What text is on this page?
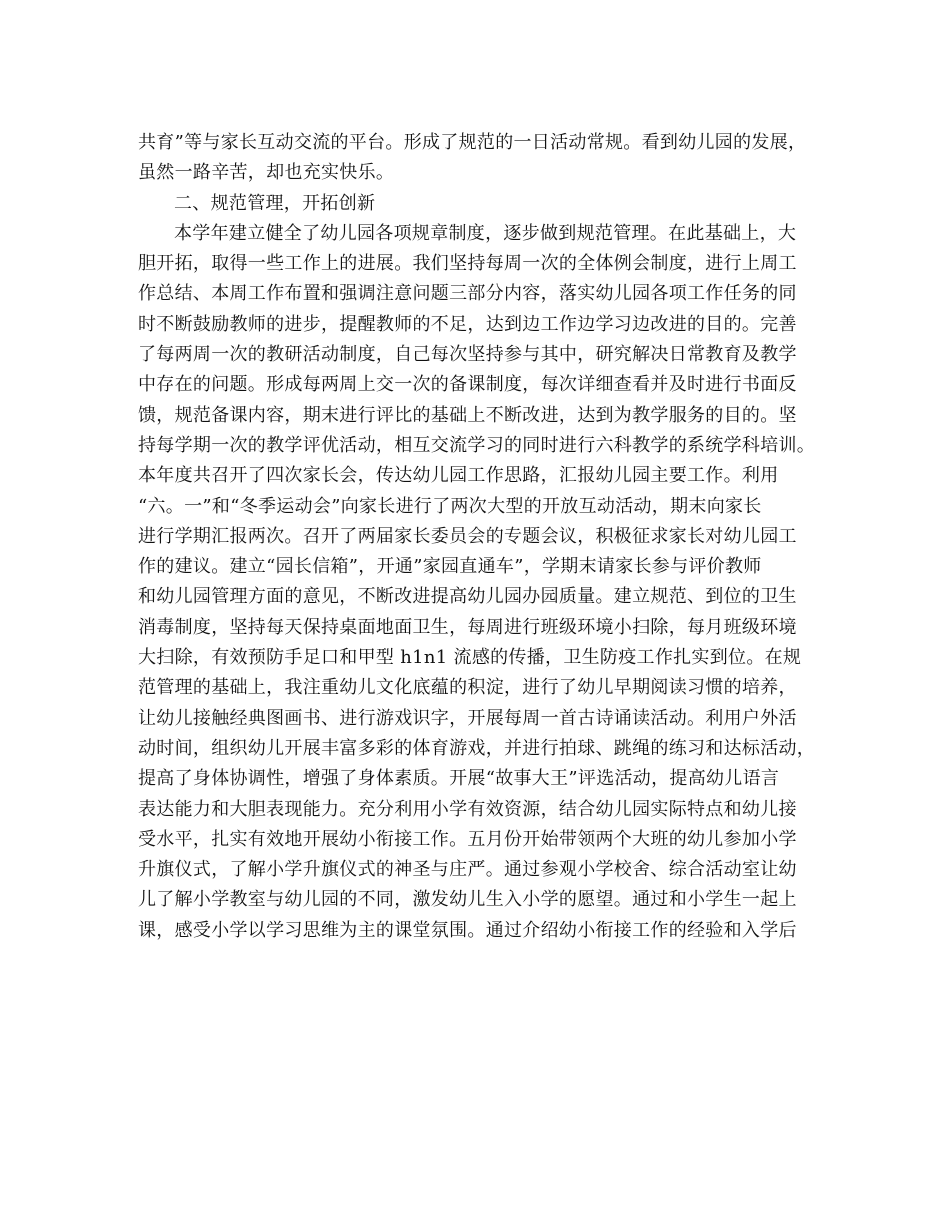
共育”等与家长互动交流的平台。形成了规范的一日活动常规。看到幼儿园的发展，
虽然一路辛苦，却也充实快乐。
二、规范管理，开拓创新
本学年建立健全了幼儿园各项规章制度，逐步做到规范管理。在此基础上，大
胆开拓，取得一些工作上的进展。我们坚持每周一次的全体例会制度，进行上周工
作总结、本周工作布置和强调注意问题三部分内容，落实幼儿园各项工作任务的同
时不断鼓励教师的进步，提醒教师的不足，达到边工作边学习边改进的目的。完善
了每两周一次的教研活动制度，自己每次坚持参与其中，研究解决日常教育及教学
中存在的问题。形成每两周上交一次的备课制度，每次详细查看并及时进行书面反
馈，规范备课内容，期末进行评比的基础上不断改进，达到为教学服务的目的。坚
持每学期一次的教学评优活动，相互交流学习的同时进行六科教学的系统学科培训。
本年度共召开了四次家长会，传达幼儿园工作思路，汇报幼儿园主要工作。利用
“六。一”和“冬季运动会”向家长进行了两次大型的开放互动活动，期末向家长
进行学期汇报两次。召开了两届家长委员会的专题会议，积极征求家长对幼儿园工
作的建议。建立“园长信箱”，开通”家园直通车”，学期末请家长参与评价教师
和幼儿园管理方面的意见，不断改进提高幼儿园办园质量。建立规范、到位的卫生
消毒制度，坚持每天保持桌面地面卫生，每周进行班级环境小扫除，每月班级环境
大扫除，有效预防手足口和甲型 h1n1 流感的传播，卫生防疫工作扎实到位。在规
范管理的基础上，我注重幼儿文化底蕴的积淀，进行了幼儿早期阅读习惯的培养，
让幼儿接触经典图画书、进行游戏识字，开展每周一首古诗诵读活动。利用户外活
动时间，组织幼儿开展丰富多彩的体育游戏，并进行拍球、跳绳的练习和达标活动，
提高了身体协调性，增强了身体素质。开展“故事大王”评选活动，提高幼儿语言
表达能力和大胆表现能力。充分利用小学有效资源，结合幼儿园实际特点和幼儿接
受水平，扎实有效地开展幼小衔接工作。五月份开始带领两个大班的幼儿参加小学
升旗仪式，了解小学升旗仪式的神圣与庄严。通过参观小学校舍、综合活动室让幼
儿了解小学教室与幼儿园的不同，激发幼儿生入小学的愿望。通过和小学生一起上
课，感受小学以学习思维为主的课堂氛围。通过介绍幼小衔接工作的经验和入学后
